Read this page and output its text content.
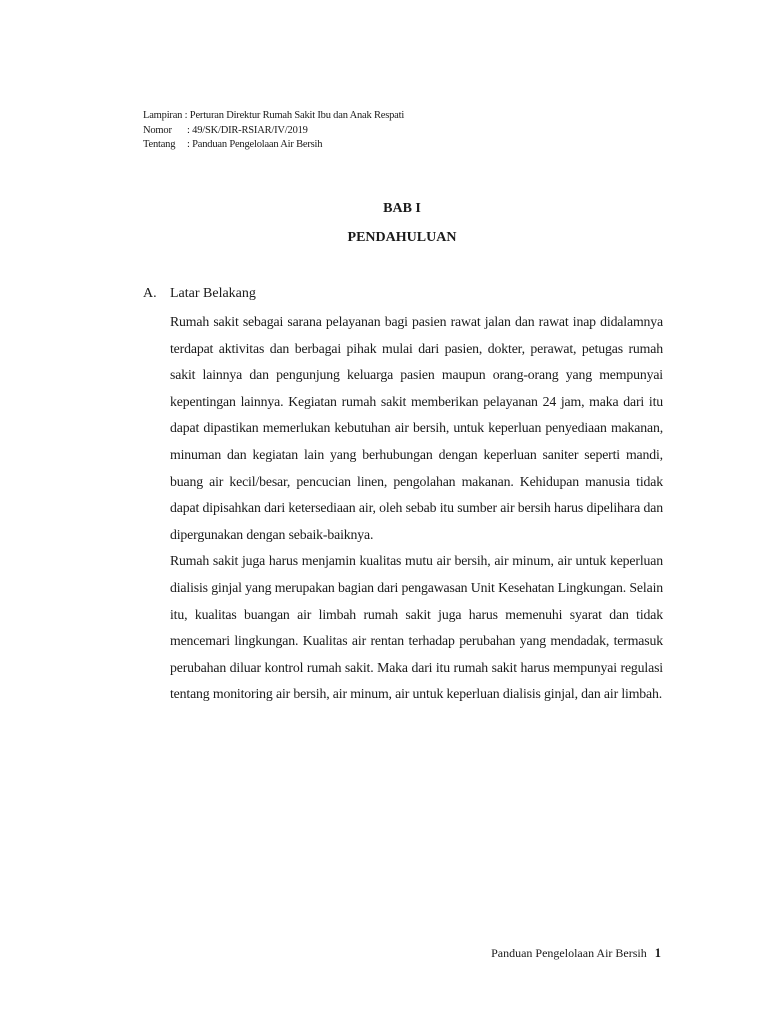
Lampiran
: Perturan Direktur Rumah Sakit Ibu dan Anak Respati
Nomor	: 49/SK/DIR-RSIAR/IV/2019
Tentang	: Panduan Pengelolaan Air Bersih
BAB I
PENDAHULUAN
A. Latar Belakang

Rumah sakit sebagai sarana pelayanan bagi pasien rawat jalan dan rawat inap didalamnya terdapat aktivitas dan berbagai pihak mulai dari pasien, dokter, perawat, petugas rumah sakit lainnya dan pengunjung keluarga pasien maupun orang-orang yang mempunyai kepentingan lainnya. Kegiatan rumah sakit memberikan pelayanan 24 jam, maka dari itu dapat dipastikan memerlukan kebutuhan air bersih, untuk keperluan penyediaan makanan, minuman dan kegiatan lain yang berhubungan dengan keperluan saniter seperti mandi, buang air kecil/besar, pencucian linen, pengolahan makanan. Kehidupan manusia tidak dapat dipisahkan dari ketersediaan air, oleh sebab itu sumber air bersih harus dipelihara dan dipergunakan dengan sebaik-baiknya.

Rumah sakit juga harus menjamin kualitas mutu air bersih, air minum, air untuk keperluan dialisis ginjal yang merupakan bagian dari pengawasan Unit Kesehatan Lingkungan. Selain itu, kualitas buangan air limbah rumah sakit juga harus memenuhi syarat dan tidak mencemari lingkungan. Kualitas air rentan terhadap perubahan yang mendadak, termasuk perubahan diluar kontrol rumah sakit. Maka dari itu rumah sakit harus mempunyai regulasi tentang monitoring air bersih, air minum, air untuk keperluan dialisis ginjal, dan air limbah.

Panduan Pengelolaan Air Bersih 1
